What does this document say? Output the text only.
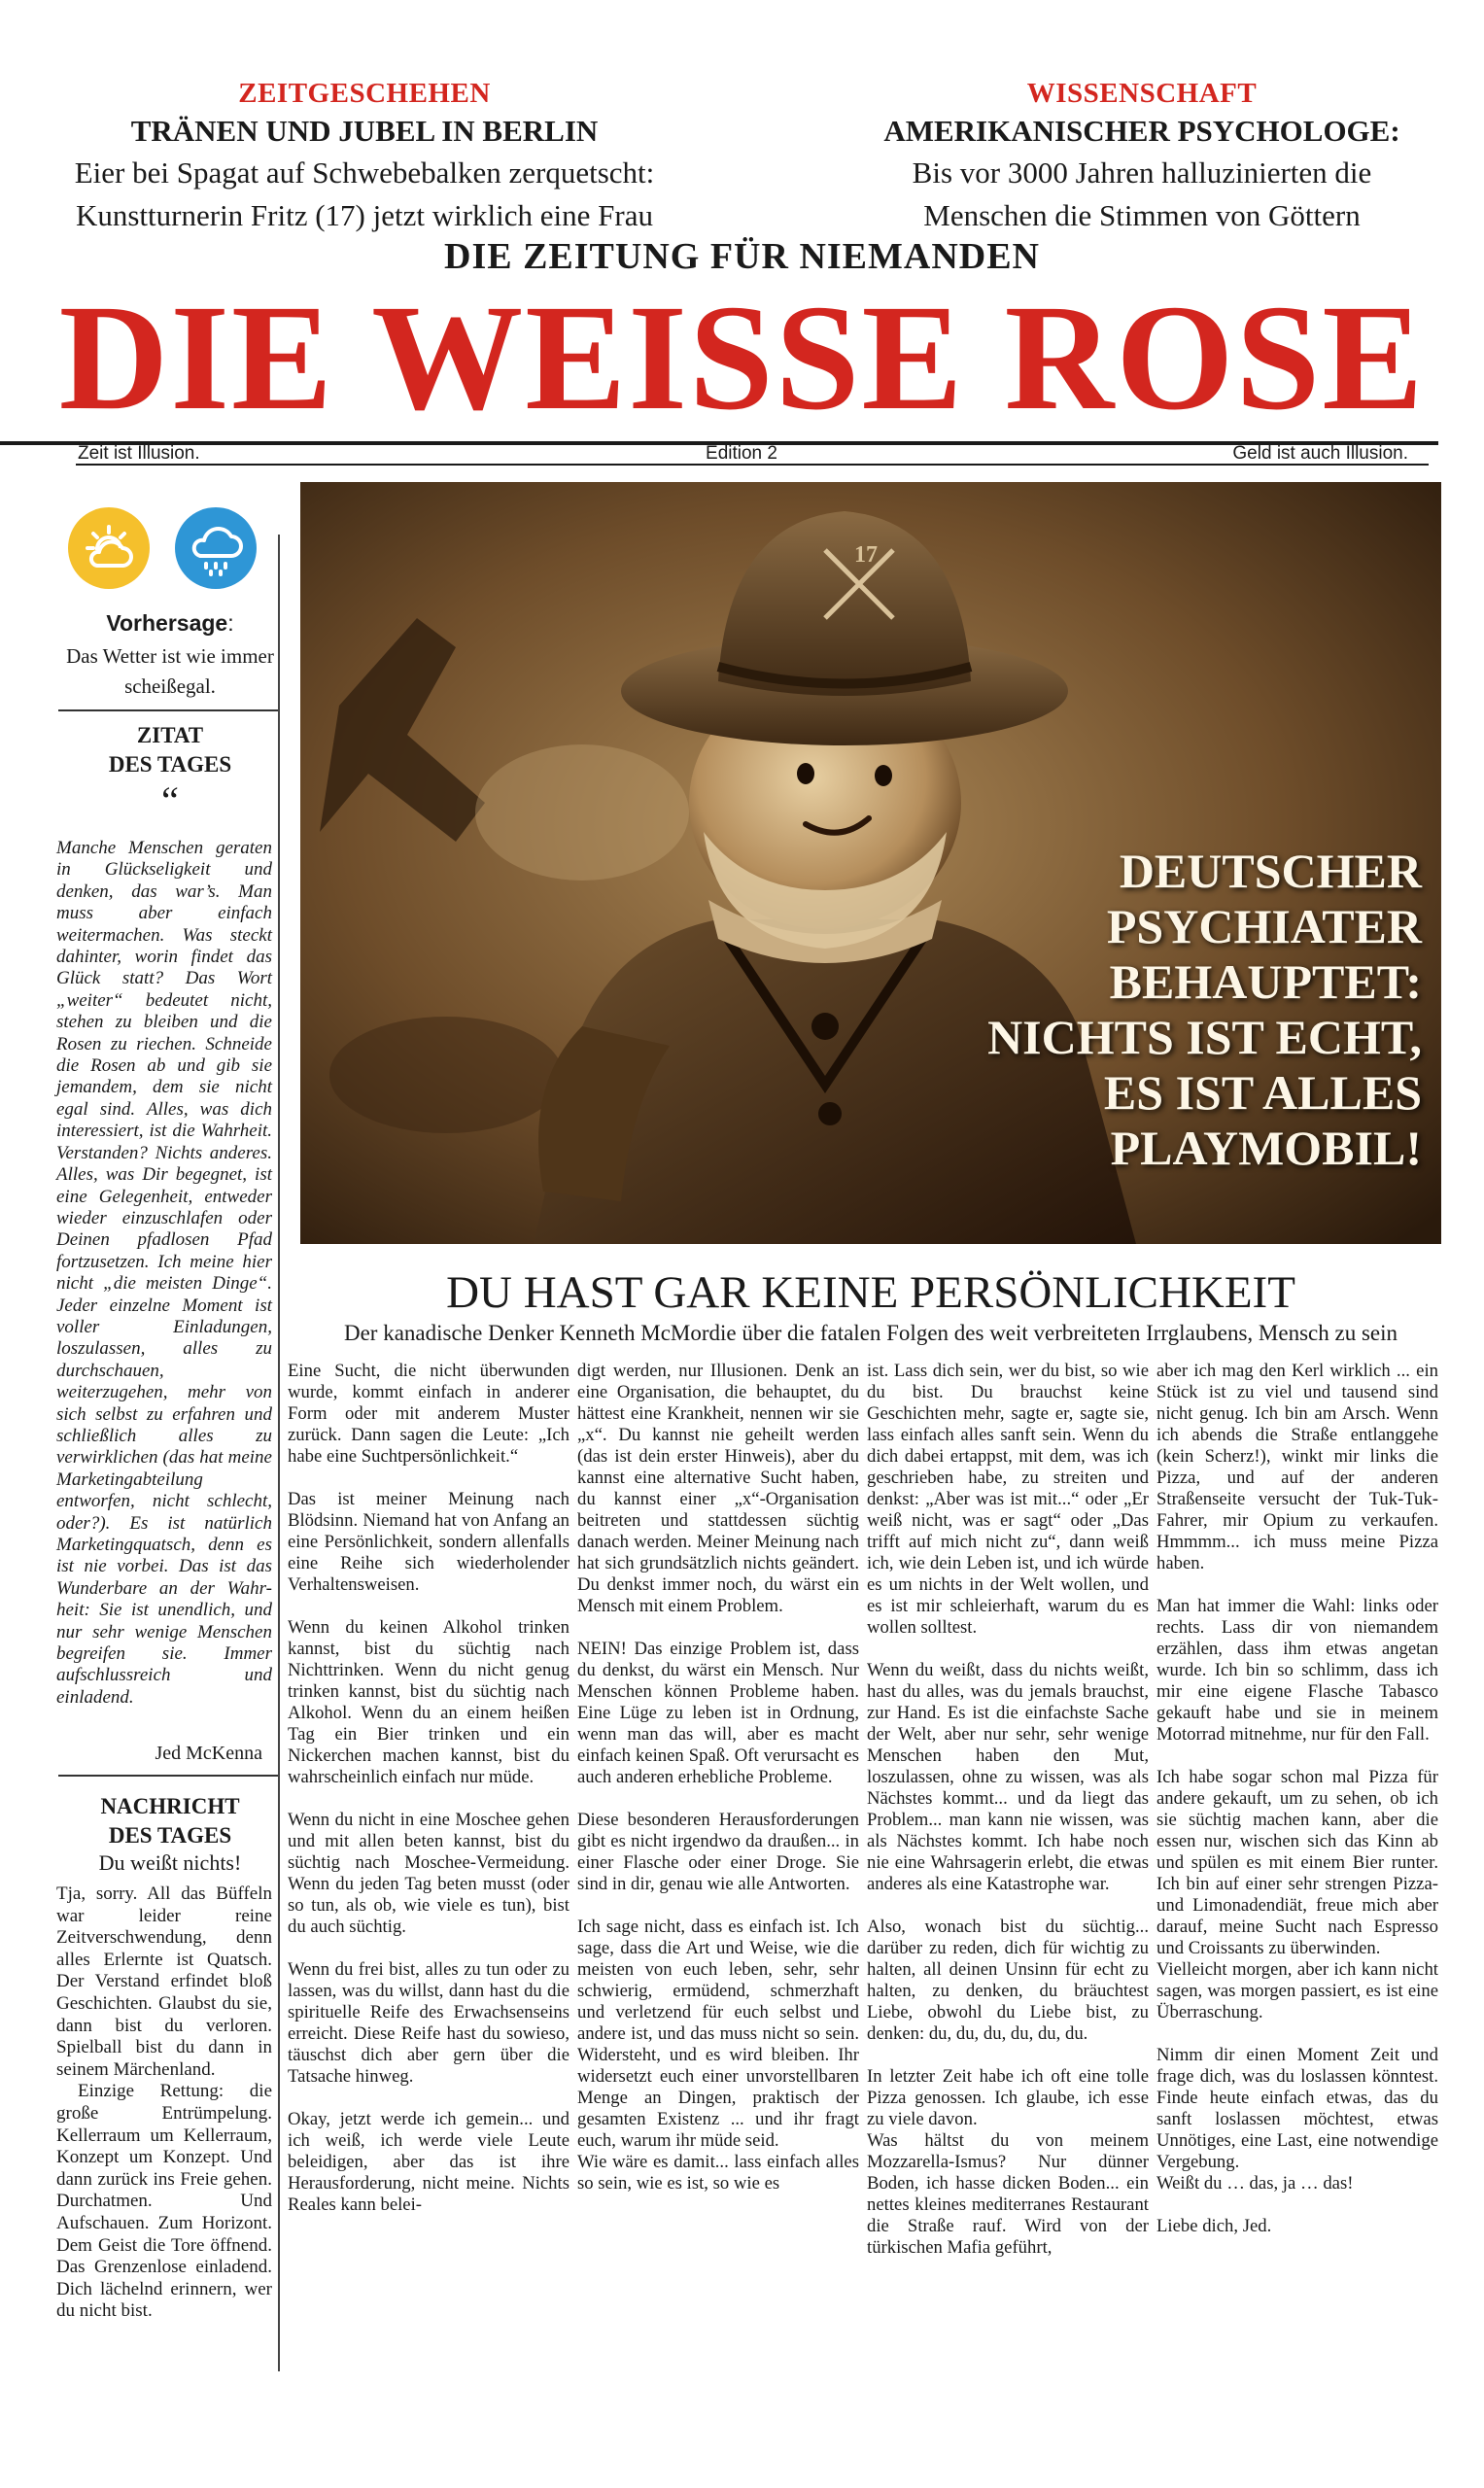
ZEITGESCHEHEN
TRÄNEN UND JUBEL IN BERLIN
Eier bei Spagat auf Schwebebalken zerquetscht:
Kunstturnerin Fritz (17) jetzt wirklich eine Frau
WISSENSCHAFT
AMERIKANISCHER PSYCHOLOGE:
Bis vor 3000 Jahren halluzinierten die
Menschen die Stimmen von Göttern
DIE ZEITUNG FÜR NIEMANDEN
DIE WEISSE ROSE
Zeit ist Illusion.	Edition 2	Geld ist auch Illusion.
Vorhersage:
Das Wetter ist wie immer
scheißegal.
ZITAT
DES TAGES
“
Manche Menschen geraten in Glückseligkeit und denken, das war’s. Man muss aber einfach weitermachen. Was steckt dahinter, worin findet das Glück statt? Das Wort „weiter“ bedeutet nicht, stehen zu bleiben und die Rosen zu riechen. Schneide die Rosen ab und gib sie jemandem, dem sie nicht egal sind. Alles, was dich interessiert, ist die Wahrheit. Verstanden? Nichts anderes. Alles, was Dir begegnet, ist eine Gelegenheit, entweder wieder einzuschlafen oder Deinen pfadlosen Pfad fortzusetzen. Ich meine hier nicht „die meisten Dinge“. Jeder einzelne Moment ist voller Einladungen, loszulassen, alles zu durchschauen, weiterzugehen, mehr von sich selbst zu erfahren und schließlich alles zu verwirklichen (das hat meine Marketingabteilung entworfen, nicht schlecht, oder?). Es ist natürlich Marketingquatsch, denn es ist nie vorbei. Das ist das Wunderbare an der Wahr-heit: Sie ist unendlich, und nur sehr wenige Menschen begreifen sie. Immer aufschlussreich und einladend.
Jed McKenna
NACHRICHT
DES TAGES
Du weißt nichts!

Tja, sorry. All das Büffeln war leider reine Zeitverschwendung, denn alles Erlernte ist Quatsch. Der Verstand erfindet bloß Geschichten. Glaubst du sie, dann bist du verloren. Spielball bist du dann in seinem Märchenland.

Einzige Rettung: die große Entrümpelung. Kellerraum um Kellerraum, Konzept um Konzept. Und dann zurück ins Freie gehen. Durchatmen. Und Aufschauen. Zum Horizont. Dem Geist die Tore öffnend. Das Grenzenlose einladend. Dich lächelnd erinnern, wer du nicht bist.

17
DEUTSCHER
PSYCHIATER
BEHAUPTET:
NICHTS IST ECHT,
ES IST ALLES
PLAYMOBIL!
DU HAST GAR KEINE PERSÖNLICHKEIT
Der kanadische Denker Kenneth McMordie über die fatalen Folgen des weit verbreiteten Irrglaubens, Mensch zu sein

Eine Sucht, die nicht überwunden wurde, kommt einfach in anderer Form oder mit anderem Muster zurück. Dann sagen die Leute: „Ich habe eine Suchtpersönlichkeit.“

Das ist meiner Meinung nach Blödsinn. Niemand hat von Anfang an eine Persönlichkeit, sondern allenfalls eine Reihe sich wiederholender Verhaltensweisen.

Wenn du keinen Alkohol trinken kannst, bist du süchtig nach Nichttrinken. Wenn du nicht genug trinken kannst, bist du süchtig nach Alkohol. Wenn du an einem heißen Tag ein Bier trinken und ein Nickerchen machen kannst, bist du wahrscheinlich einfach nur müde.

Wenn du nicht in eine Moschee gehen und mit allen beten kannst, bist du süchtig nach Moschee-Vermeidung. Wenn du jeden Tag beten musst (oder so tun, als ob, wie viele es tun), bist du auch süchtig.

Wenn du frei bist, alles zu tun oder zu lassen, was du willst, dann hast du die spirituelle Reife des Erwachsenseins erreicht. Diese Reife hast du sowieso, täuschst dich aber gern über die Tatsache hinweg.

Okay, jetzt werde ich gemein... und ich weiß, ich werde viele Leute beleidigen, aber das ist ihre Herausforderung, nicht meine. Nichts Reales kann belei-

digt werden, nur Illusionen. Denk an eine Organisation, die behauptet, du hättest eine Krankheit, nennen wir sie „x“. Du kannst nie geheilt werden (das ist dein erster Hinweis), aber du kannst eine alternative Sucht haben, du kannst einer „x“-Organisation beitreten und stattdessen süchtig danach werden. Meiner Meinung nach hat sich grundsätzlich nichts geändert. Du denkst immer noch, du wärst ein Mensch mit einem Problem.

NEIN! Das einzige Problem ist, dass du denkst, du wärst ein Mensch. Nur Menschen können Probleme haben. Eine Lüge zu leben ist in Ordnung, wenn man das will, aber es macht einfach keinen Spaß. Oft verursacht es auch anderen erhebliche Probleme.

Diese besonderen Herausforderungen gibt es nicht irgendwo da draußen... in einer Flasche oder einer Droge. Sie sind in dir, genau wie alle Antworten.

Ich sage nicht, dass es einfach ist. Ich sage, dass die Art und Weise, wie die meisten von euch leben, sehr, sehr schwierig, ermüdend, schmerzhaft und verletzend für euch selbst und andere ist, und das muss nicht so sein. Widersteht, und es wird bleiben. Ihr widersetzt euch einer unvorstellbaren Menge an Dingen, praktisch der gesamten Existenz ... und ihr fragt euch, warum ihr müde seid.

Wie wäre es damit... lass einfach alles so sein, wie es ist, so wie es

ist. Lass dich sein, wer du bist, so wie du bist. Du brauchst keine Geschichten mehr, sagte er, sagte sie, lass einfach alles sanft sein. Wenn du dich dabei ertappst, mit dem, was ich geschrieben habe, zu streiten und denkst: „Aber was ist mit...“ oder „Er weiß nicht, was er sagt“ oder „Das trifft auf mich nicht zu“, dann weiß ich, wie dein Leben ist, und ich würde es um nichts in der Welt wollen, und es ist mir schleierhaft, warum du es wollen solltest.

Wenn du weißt, dass du nichts weißt, hast du alles, was du jemals brauchst, zur Hand. Es ist die einfachste Sache der Welt, aber nur sehr, sehr wenige Menschen haben den Mut, loszulassen, ohne zu wissen, was als Nächstes kommt... und da liegt das Problem... man kann nie wissen, was als Nächstes kommt. Ich habe noch nie eine Wahrsagerin erlebt, die etwas anderes als eine Katastrophe war.

Also, wonach bist du süchtig... darüber zu reden, dich für wichtig zu halten, all deinen Unsinn für echt zu halten, zu denken, du bräuchtest Liebe, obwohl du Liebe bist, zu denken: du, du, du, du, du, du.

In letzter Zeit habe ich oft eine tolle Pizza genossen. Ich glaube, ich esse zu viele davon.

Was hältst du von meinem Mozzarella-Ismus? Nur dünner Boden, ich hasse dicken Boden... ein nettes kleines mediterranes Restaurant die Straße rauf. Wird von der türkischen Mafia geführt,

aber ich mag den Kerl wirklich ... ein Stück ist zu viel und tausend sind nicht genug. Ich bin am Arsch. Wenn ich abends die Straße entlanggehe (kein Scherz!), winkt mir links die Pizza, und auf der anderen Straßenseite versucht der Tuk-Tuk-Fahrer, mir Opium zu verkaufen. Hmmmm... ich muss meine Pizza haben.

Man hat immer die Wahl: links oder rechts. Lass dir von niemandem erzählen, dass ihm etwas angetan wurde. Ich bin so schlimm, dass ich mir eine eigene Flasche Tabasco gekauft habe und sie in meinem Motorrad mitnehme, nur für den Fall.

Ich habe sogar schon mal Pizza für andere gekauft, um zu sehen, ob ich sie süchtig machen kann, aber die essen nur, wischen sich das Kinn ab und spülen es mit einem Bier runter. Ich bin auf einer sehr strengen Pizza- und Limonadendiät, freue mich aber darauf, meine Sucht nach Espresso und Croissants zu überwinden.

Vielleicht morgen, aber ich kann nicht sagen, was morgen passiert, es ist eine Überraschung.

Nimm dir einen Moment Zeit und frage dich, was du loslassen könntest. Finde heute einfach etwas, das du sanft loslassen möchtest, etwas Unnötiges, eine Last, eine notwendige Vergebung.

Weißt du … das, ja … das!

Liebe dich, Jed.
